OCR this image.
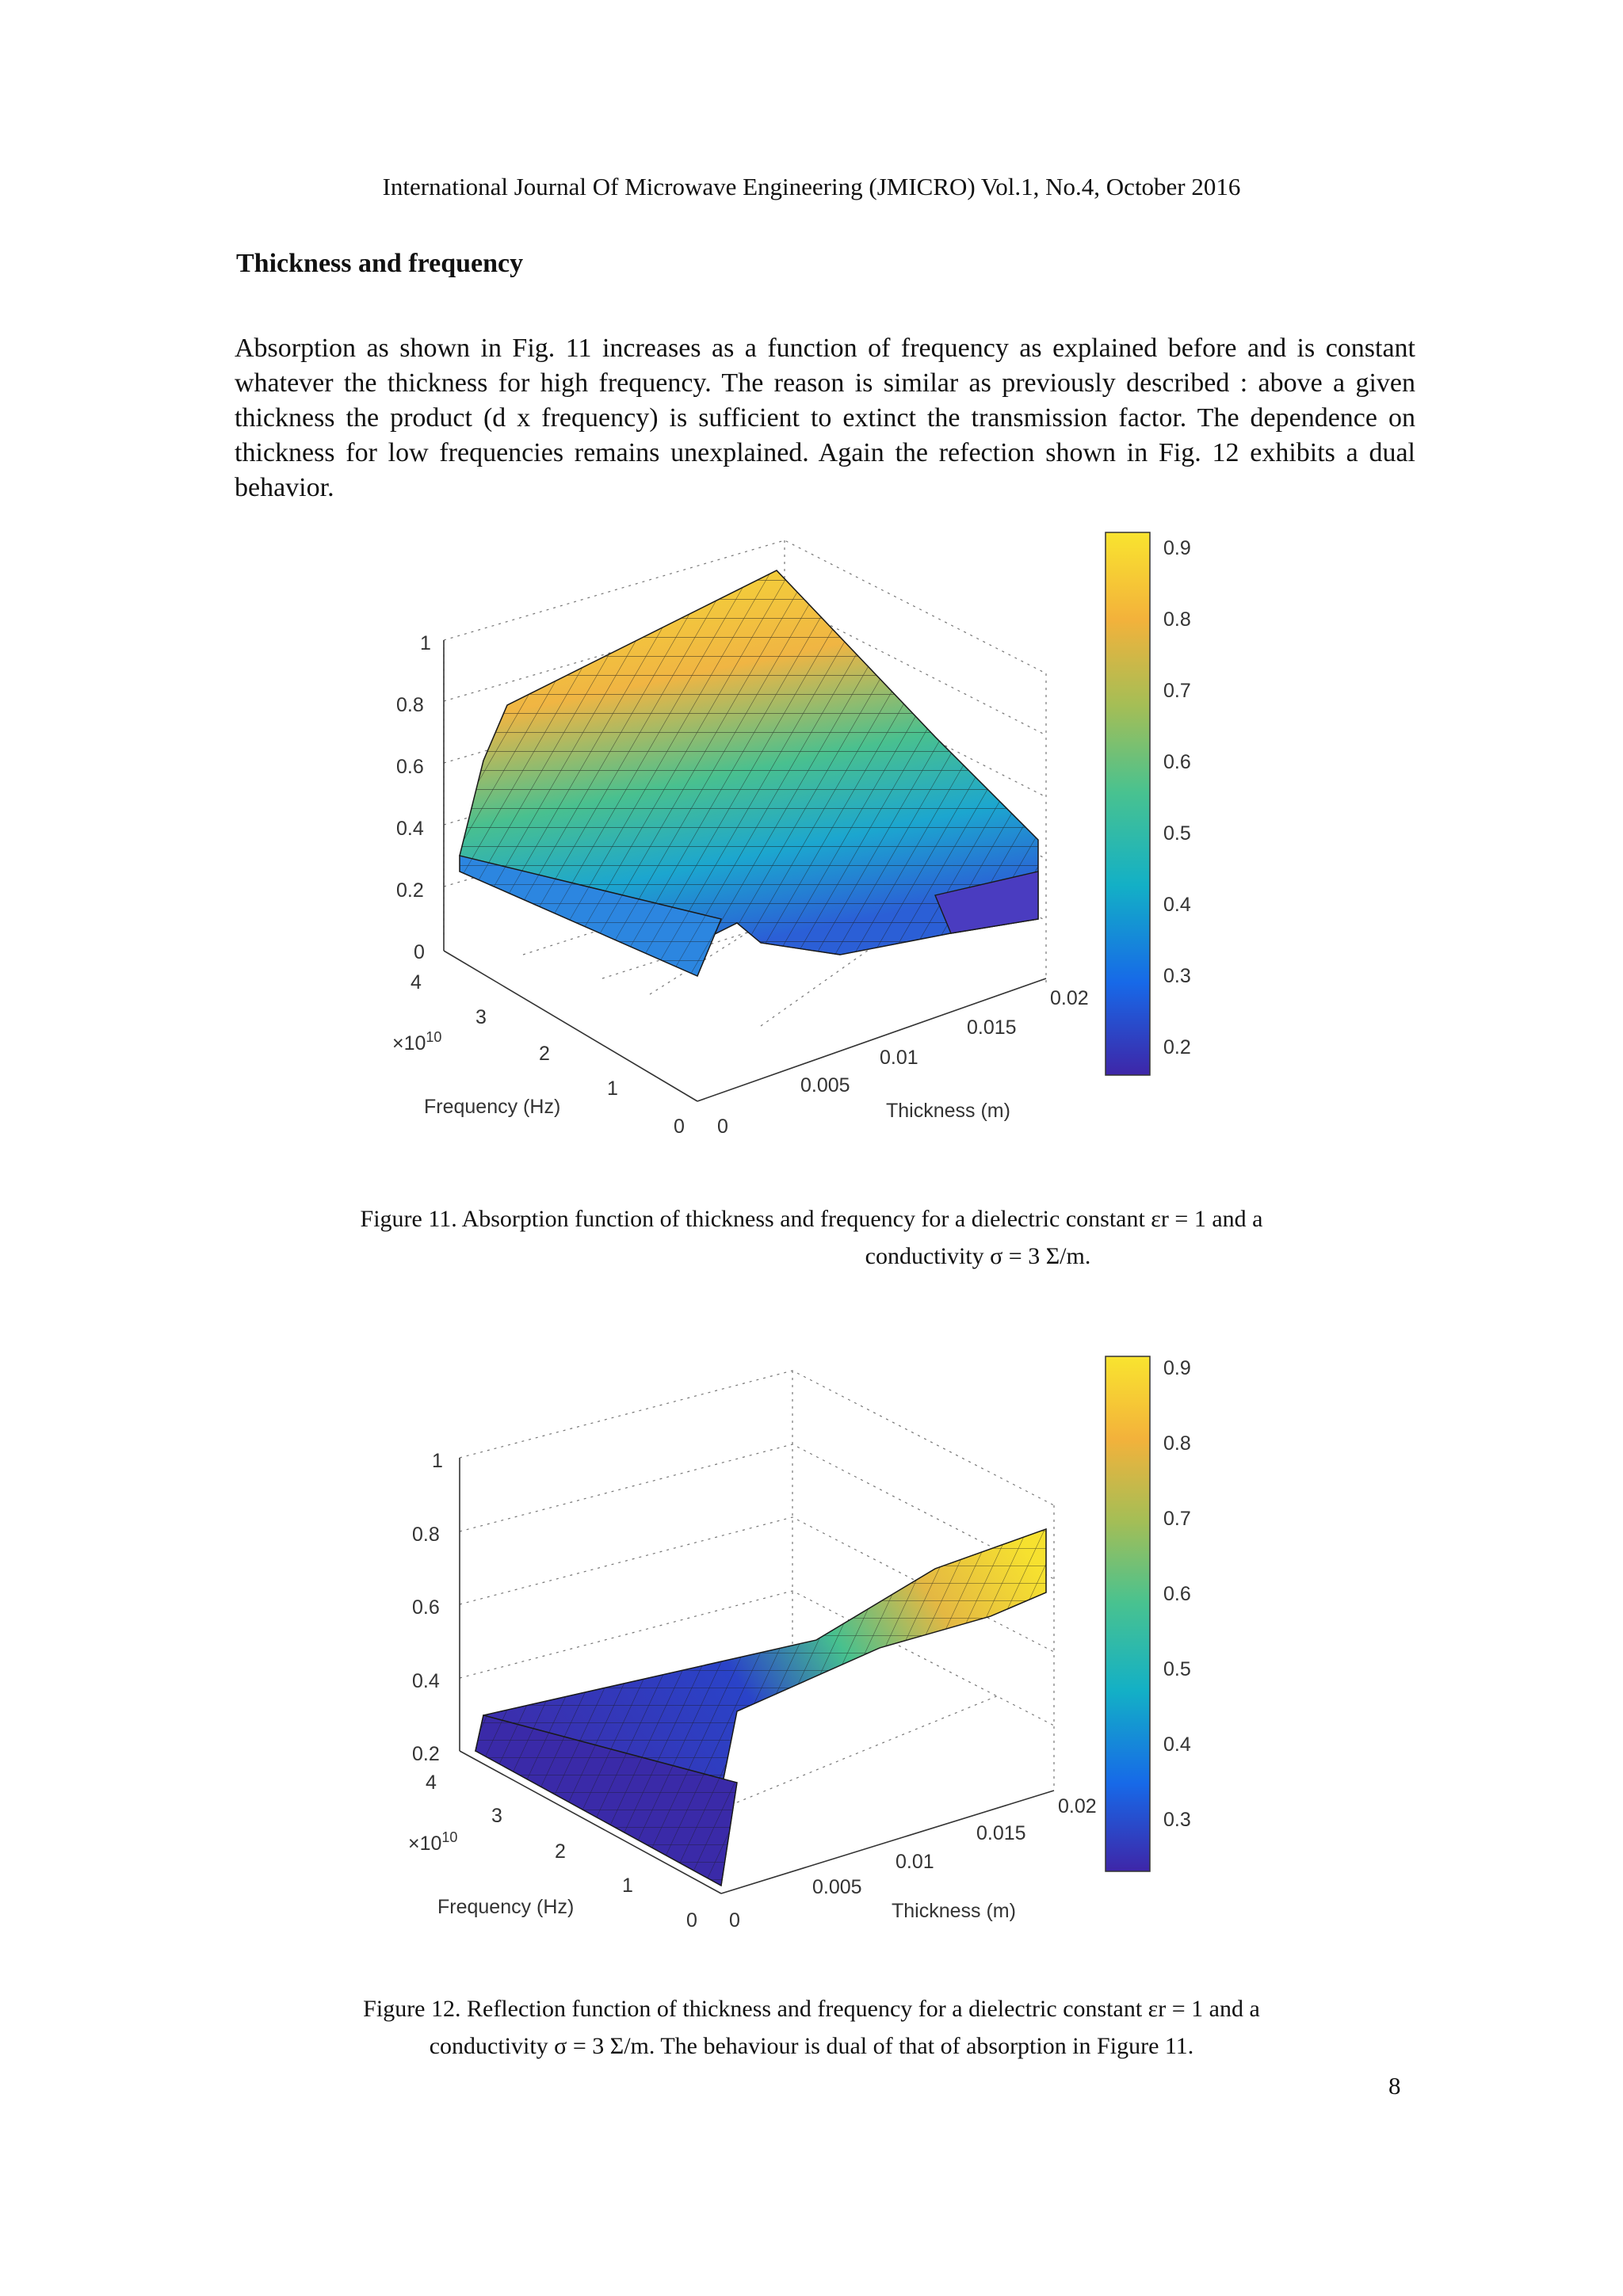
International Journal Of Microwave Engineering (JMICRO) Vol.1, No.4, October 2016
Thickness and frequency
Absorption as shown in Fig. 11 increases as a function of frequency as explained before and is constant whatever the thickness for high frequency. The reason is similar as previously described : above a given thickness the product (d x frequency) is sufficient to extinct the transmission factor. The dependence on thickness for low frequencies remains unexplained. Again the refection shown in Fig. 12 exhibits a dual behavior.
1
0.8
0.6
0.4
0.2
0
4
3
2
1
0
$\times 10^{10}$
Frequency (Hz)
0
0.005
0.01
0.015
0.02
Thickness (m)
0.9
0.8
0.7
0.6
0.5
0.4
0.3
0.2
Figure 11. Absorption function of thickness and frequency for a dielectric constant εr = 1 and a
conductivity σ = 3 Σ/m.
1
0.8
0.6
0.4
0.2
4
3
2
1
0
$\times 10^{10}$
Frequency (Hz)
0
0.005
0.01
0.015
0.02
Thickness (m)
0.9
0.8
0.7
0.6
0.5
0.4
0.3
Figure 12. Reflection function of thickness and frequency for a dielectric constant εr = 1 and a
conductivity σ = 3 Σ/m. The behaviour is dual of that of absorption in Figure 11.
8
